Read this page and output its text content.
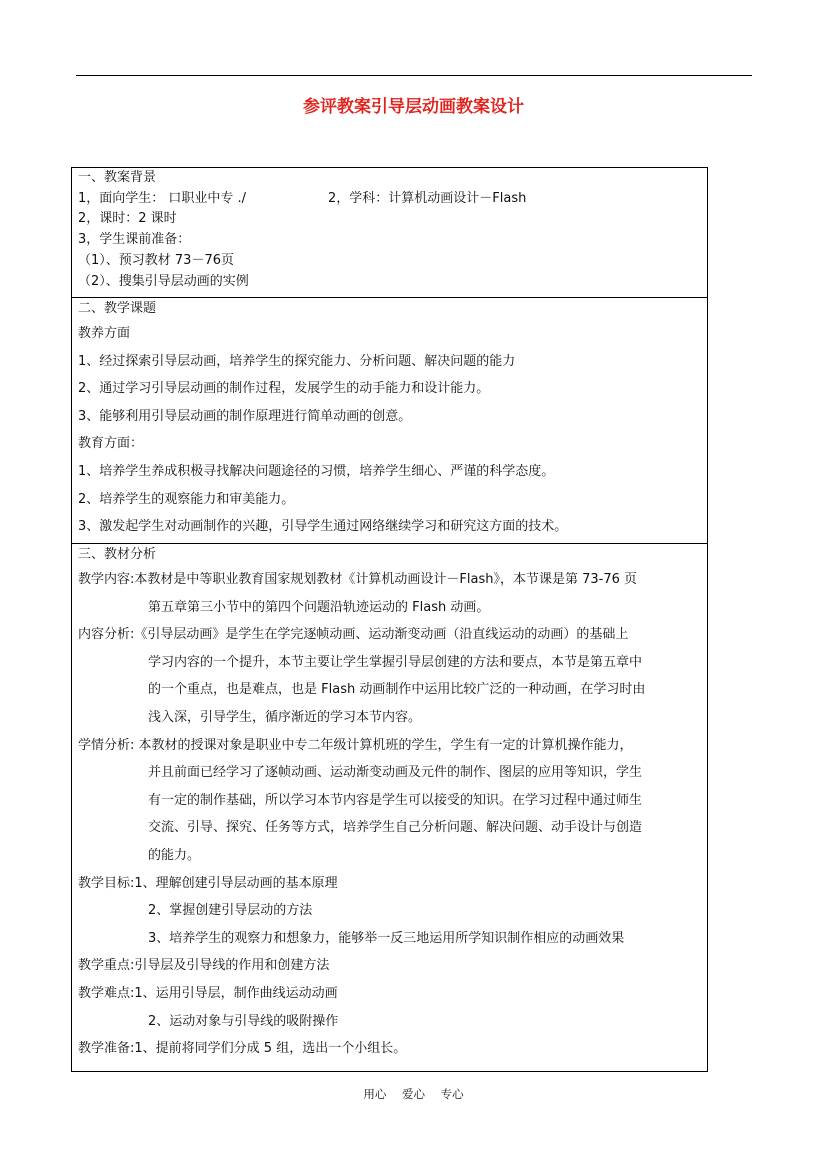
参评教案引导层动画教案设计
一、教案背景
1，面向学生： 口职业中专 ./	2，学科：计算机动画设计－Flash
2，课时：2 课时
3，学生课前准备：
（1）、预习教材 73－76页
（2）、搜集引导层动画的实例
二、教学课题
教养方面
1、经过探索引导层动画，培养学生的探究能力、分析问题、解决问题的能力
2、通过学习引导层动画的制作过程，发展学生的动手能力和设计能力。
3、能够利用引导层动画的制作原理进行简单动画的创意。
教育方面：
1、培养学生养成积极寻找解决问题途径的习惯，培养学生细心、严谨的科学态度。
2、培养学生的观察能力和审美能力。
3、激发起学生对动画制作的兴趣，引导学生通过网络继续学习和研究这方面的技术。
三、教材分析
教学内容:本教材是中等职业教育国家规划教材《计算机动画设计－Flash》，本节课是第 73-76 页
第五章第三小节中的第四个问题沿轨迹运动的 Flash 动画。
内容分析:《引导层动画》是学生在学完逐帧动画、运动渐变动画（沿直线运动的动画）的基础上
学习内容的一个提升，本节主要让学生掌握引导层创建的方法和要点，本节是第五章中
的一个重点，也是难点，也是 Flash 动画制作中运用比较广泛的一种动画，在学习时由
浅入深，引导学生，循序渐近的学习本节内容。
学情分析: 本教材的授课对象是职业中专二年级计算机班的学生，学生有一定的计算机操作能力，
并且前面已经学习了逐帧动画、运动渐变动画及元件的制作、图层的应用等知识，学生
有一定的制作基础，所以学习本节内容是学生可以接受的知识。在学习过程中通过师生
交流、引导、探究、任务等方式，培养学生自己分析问题、解决问题、动手设计与创造
的能力。
教学目标:1、理解创建引导层动画的基本原理
2、掌握创建引导层动的方法
3、培养学生的观察力和想象力，能够举一反三地运用所学知识制作相应的动画效果
教学重点:引导层及引导线的作用和创建方法
教学难点:1、运用引导层，制作曲线运动动画
2、运动对象与引导线的吸附操作
教学准备:1、提前将同学们分成 5 组，选出一个小组长。
用心 爱心 专心
